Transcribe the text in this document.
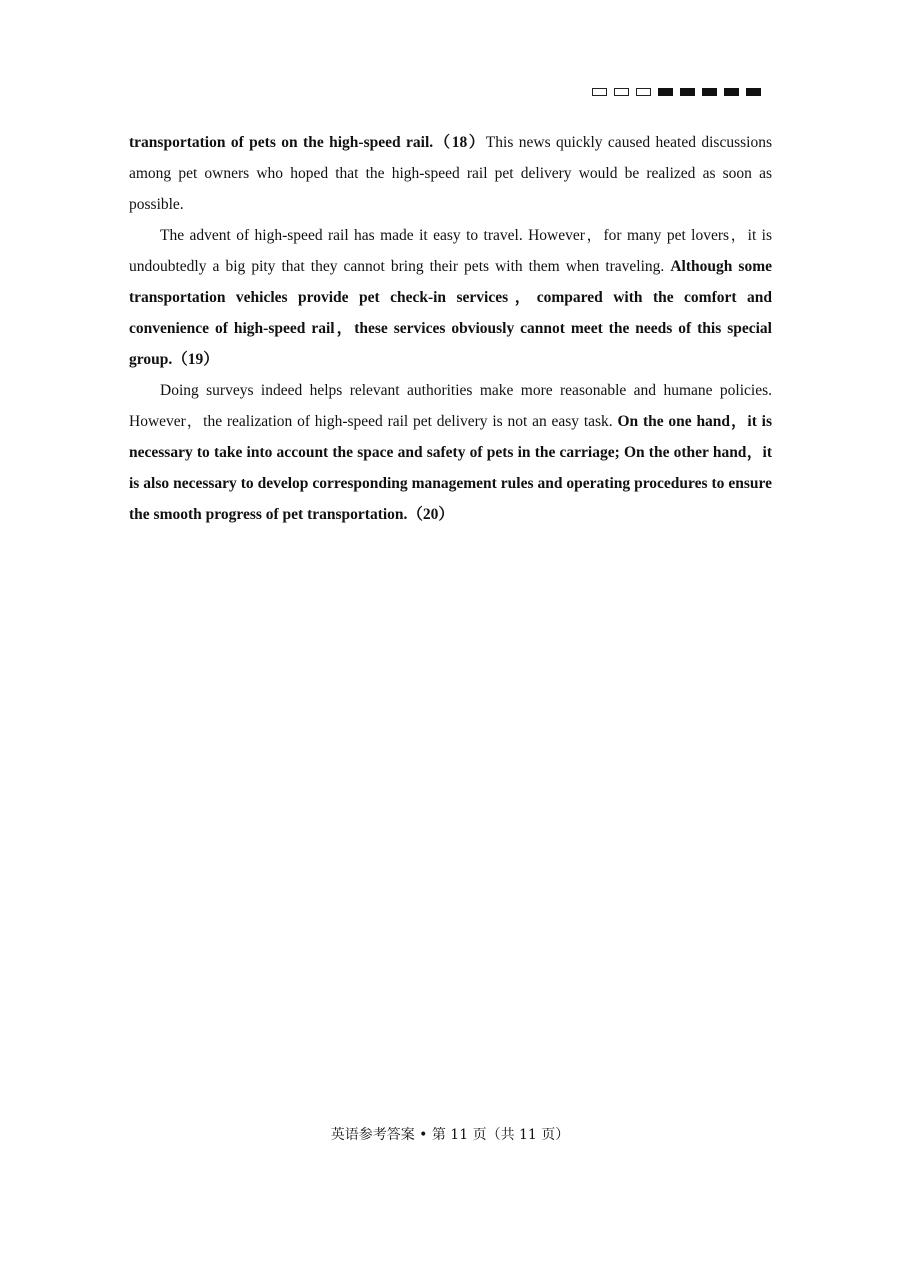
transportation of pets on the high-speed rail.（18）This news quickly caused heated discussions among pet owners who hoped that the high-speed rail pet delivery would be realized as soon as possible.

The advent of high-speed rail has made it easy to travel. However，for many pet lovers，it is undoubtedly a big pity that they cannot bring their pets with them when traveling. Although some transportation vehicles provide pet check-in services，compared with the comfort and convenience of high-speed rail，these services obviously cannot meet the needs of this special group.（19）

Doing surveys indeed helps relevant authorities make more reasonable and humane policies. However，the realization of high-speed rail pet delivery is not an easy task. On the one hand，it is necessary to take into account the space and safety of pets in the carriage; On the other hand，it is also necessary to develop corresponding management rules and operating procedures to ensure the smooth progress of pet transportation.（20）

英语参考答案 • 第 11 页（共 11 页）
